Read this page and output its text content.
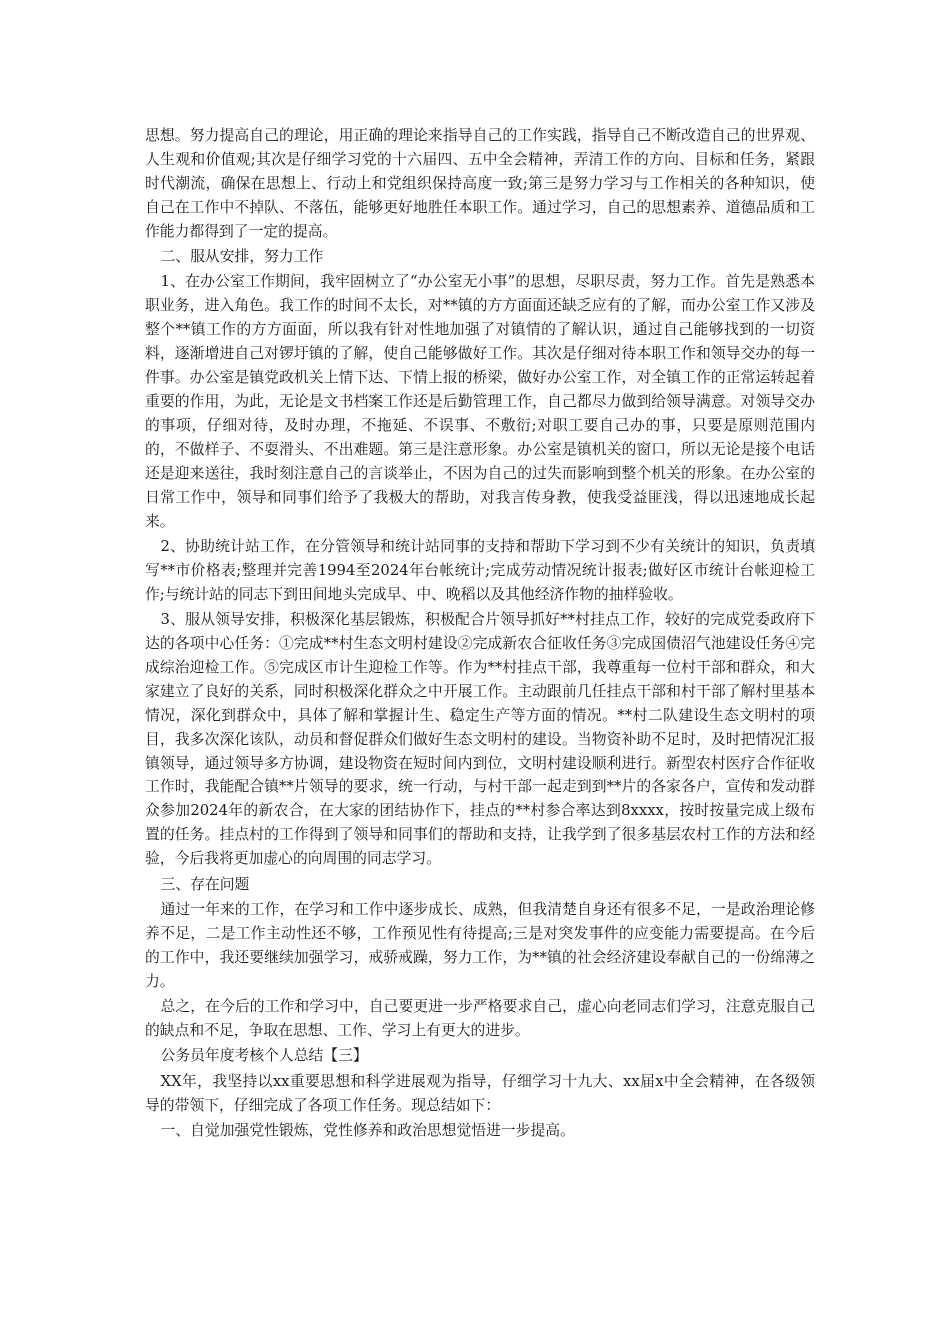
思想。努力提高自己的理论，用正确的理论来指导自己的工作实践，指导自己不断改造自己的世界观、人生观和价值观;其次是仔细学习党的十六届四、五中全会精神，弄清工作的方向、目标和任务，紧跟时代潮流，确保在思想上、行动上和党组织保持高度一致;第三是努力学习与工作相关的各种知识，使自己在工作中不掉队、不落伍，能够更好地胜任本职工作。通过学习，自己的思想素养、道德品质和工作能力都得到了一定的提高。

二、服从安排，努力工作

1、在办公室工作期间，我牢固树立了“办公室无小事”的思想，尽职尽责，努力工作。首先是熟悉本职业务，进入角色。我工作的时间不太长，对**镇的方方面面还缺乏应有的了解，而办公室工作又涉及整个**镇工作的方方面面，所以我有针对性地加强了对镇情的了解认识，通过自己能够找到的一切资料，逐渐增进自己对锣圩镇的了解，使自己能够做好工作。其次是仔细对待本职工作和领导交办的每一件事。办公室是镇党政机关上情下达、下情上报的桥梁，做好办公室工作，对全镇工作的正常运转起着重要的作用，为此，无论是文书档案工作还是后勤管理工作，自己都尽力做到给领导满意。对领导交办的事项，仔细对待，及时办理，不拖延、不误事、不敷衍;对职工要自己办的事，只要是原则范围内的，不做样子、不耍滑头、不出难题。第三是注意形象。办公室是镇机关的窗口，所以无论是接个电话还是迎来送往，我时刻注意自己的言谈举止，不因为自己的过失而影响到整个机关的形象。在办公室的日常工作中，领导和同事们给予了我极大的帮助，对我言传身教，使我受益匪浅，得以迅速地成长起来。

2、协助统计站工作，在分管领导和统计站同事的支持和帮助下学习到不少有关统计的知识，负责填写**市价格表;整理并完善1994至2024年台帐统计;完成劳动情况统计报表;做好区市统计台帐迎检工作;与统计站的同志下到田间地头完成早、中、晚稻以及其他经济作物的抽样验收。

3、服从领导安排，积极深化基层锻炼，积极配合片领导抓好**村挂点工作，较好的完成党委政府下达的各项中心任务：①完成**村生态文明村建设②完成新农合征收任务③完成国债沼气池建设任务④完成综治迎检工作。⑤完成区市计生迎检工作等。作为**村挂点干部，我尊重每一位村干部和群众，和大家建立了良好的关系，同时积极深化群众之中开展工作。主动跟前几任挂点干部和村干部了解村里基本情况，深化到群众中，具体了解和掌握计生、稳定生产等方面的情况。**村二队建设生态文明村的项目，我多次深化该队，动员和督促群众们做好生态文明村的建设。当物资补助不足时，及时把情况汇报镇领导，通过领导多方协调，建设物资在短时间内到位，文明村建设顺利进行。新型农村医疗合作征收工作时，我能配合镇**片领导的要求，统一行动，与村干部一起走到到**片的各家各户，宣传和发动群众参加2024年的新农合，在大家的团结协作下，挂点的**村参合率达到8xxxx，按时按量完成上级布置的任务。挂点村的工作得到了领导和同事们的帮助和支持，让我学到了很多基层农村工作的方法和经验，今后我将更加虚心的向周围的同志学习。

三、存在问题

通过一年来的工作，在学习和工作中逐步成长、成熟，但我清楚自身还有很多不足，一是政治理论修养不足，二是工作主动性还不够，工作预见性有待提高;三是对突发事件的应变能力需要提高。在今后的工作中，我还要继续加强学习，戒骄戒躁，努力工作，为**镇的社会经济建设奉献自己的一份绵薄之力。

总之，在今后的工作和学习中，自己要更进一步严格要求自己，虚心向老同志们学习，注意克服自己的缺点和不足，争取在思想、工作、学习上有更大的进步。

公务员年度考核个人总结【三】

XX年，我坚持以xx重要思想和科学进展观为指导，仔细学习十九大、xx届x中全会精神，在各级领导的带领下，仔细完成了各项工作任务。现总结如下：

一、自觉加强党性锻炼，党性修养和政治思想觉悟进一步提高。
